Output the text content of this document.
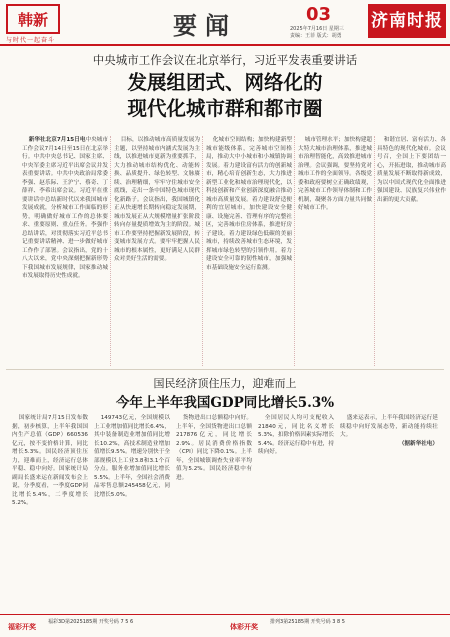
韩新
与时代一起奋斗
要闻	03
2025年7月16日 星期三
责编：王菲 版式：胡勇
济南时报
中央城市工作会议在北京举行，习近平发表重要讲话
发展组团式、网络化的
现代化城市群和都市圈

新华社北京7月15日电中央城市工作会议7月14日至15日在北京举行。中共中央总书记、国家主席、中央军委主席习近平出席会议并发表重要讲话。中共中央政治局常委李强、赵乐际、王沪宁、蔡奇、丁薛祥、李希出席会议。习近平在重要讲话中总结新时代以来我国城市发展成就，分析城市工作面临的形势，明确做好城市工作的总体要求、重要原则、重点任务。李强作总结讲话，对贯彻落实习近平总书记重要讲话精神、进一步做好城市工作作了部署。会议指出，党的十八大以来，党中央深刻把握新形势下我国城市发展规律，国家推动城市发展取得历史性成就。

目标，以推动城市高质量发展为主题，以坚持城市内涵式发展为主线，以推进城市更新为重要抓手，大力推动城市结构优化、动能转换、品质提升、绿色转型、文脉赓续、治理精细，牢牢守住城市安全底线，走出一条中国特色城市现代化新路子。会议指出，我国城镇化正从快速增长期转向稳定发展期，城市发展正从大规模增量扩张阶段转向存量提质增效为主的阶段。城市工作要坚持把握新发展阶段，转变城市发展方式。要牢牢把握人民城市的根本属性，更好满足人民群众对美好生活的需要。

化城市空间结构；加快构建新型城市能级体系，完善城市空间格局，推动大中小城市和小城镇协调发展。着力建设富有活力的创新城市，精心培育创新生态，大力推进新型工业化和城市治理现代化，以科技创新和产业创新深度融合推动城市高质量发展。着力建设舒适便利的宜居城市，加快建设安全健康、设施完善、管理有序的完整社区，完善城市住房体系，推进好房子建设。着力建设绿色低碳的美丽城市，持续改善城市生态环境，发挥城市绿色转型的引领作用。着力建设安全可靠的韧性城市，加强城市基础设施安全运行监测。

城市管理水平；加快构建超大特大城市治理体系，推进城市治理智能化，高效推进城市治理。会议强调，要坚持党对城市工作的全面领导。各级党委和政府要树立正确政绩观，完善城市工作领导体制和工作机制，凝聚各方面力量共同做好城市工作。

和谐宜居、富有活力、各具特色的现代化城市。会议号召，全国上下要团结一心，开拓进取，推动城市高质量发展不断取得新成效，为以中国式现代化全面推进强国建设、民族复兴伟业作出新的更大贡献。

国民经济顶住压力，迎难而上
今年上半年我国GDP同比增长5.3%

国家统计局7月15日发布数据，初步核算，上半年我国国内生产总值（GDP）660536亿元，按不变价格计算，同比增长5.3%。国民经济顶住压力，迎难而上，经济运行总体平稳、稳中向好。国家统计局副局长盛来运在新闻发布会上说，分季度看，一季度GDP同比增长5.4%，二季度增长5.2%。

149743亿元，全国规模以上工业增加值同比增长6.4%，其中装备制造业增加值同比增长10.2%，高技术制造业增加值增长9.5%。增速分别快于全部规模以上工业3.8和3.1个百分点。服务业增加值同比增长5.5%。上半年，全国社会消费品零售总额245458亿元，同比增长5.0%。

货物进出口总额稳中向好。上半年，全国货物进出口总额217876亿元，同比增长2.9%。居民消费价格指数（CPI）同比下降0.1%。上半年，全国城镇调查失业率平均值为5.2%。国民经济稳中有进。

全国居民人均可支配收入21840元，同比名义增长5.3%，扣除价格因素实际增长5.4%。经济运行稳中有进，持续向好。

盛来运表示，上半年我国经济运行延续稳中向好发展态势，新动能持续壮大。

（据新华社电）

福彩开奖
福彩3D第2025185期 开奖号码 7 5 6
体彩开奖
排列3第25185期 开奖号码 3 8 5
